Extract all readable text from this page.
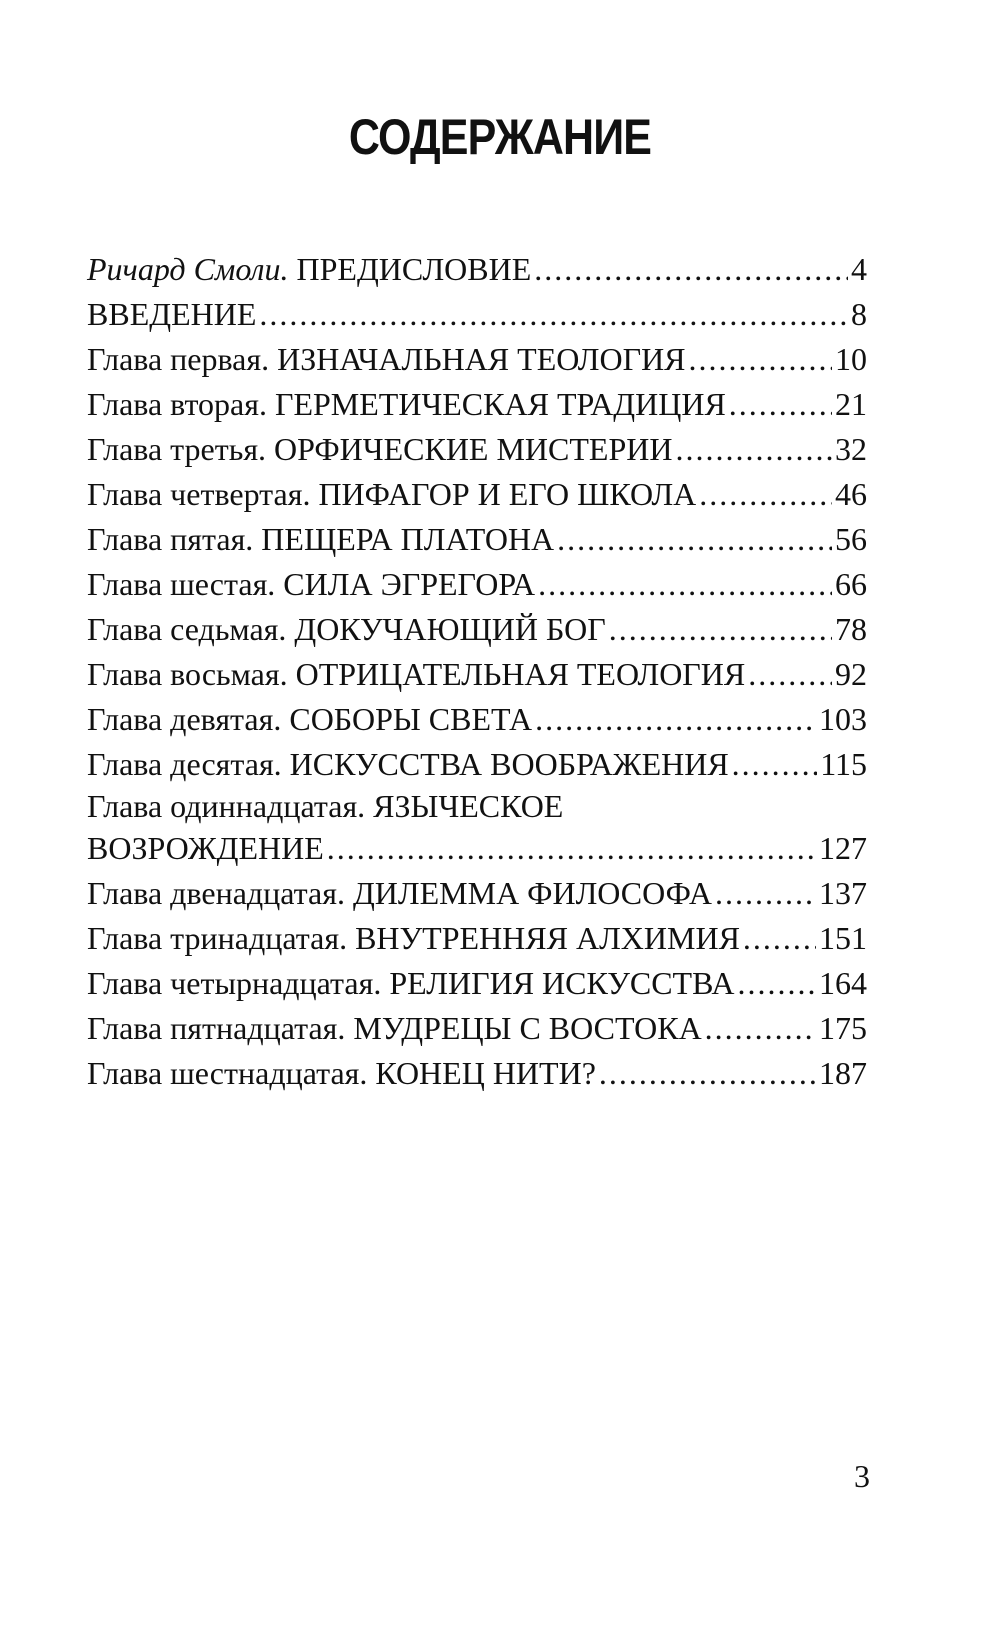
СОДЕРЖАНИЕ
Ричард Смоли. ПРЕДИСЛОВИЕ . . .	4
ВВЕДЕНИЕ . . .	8
Глава первая. ИЗНАЧАЛЬНАЯ ТЕОЛОГИЯ . . .	10
Глава вторая. ГЕРМЕТИЧЕСКАЯ ТРАДИЦИЯ . . .	21
Глава третья. ОРФИЧЕСКИЕ МИСТЕРИИ . . .	32
Глава четвертая. ПИФАГОР И ЕГО ШКОЛА . . .	46
Глава пятая. ПЕЩЕРА ПЛАТОНА . . .	56
Глава шестая. СИЛА ЭГРЕГОРА . . .	66
Глава седьмая. ДОКУЧАЮЩИЙ БОГ . . .	78
Глава восьмая. ОТРИЦАТЕЛЬНАЯ ТЕОЛОГИЯ . . .	92
Глава девятая. СОБОРЫ СВЕТА . . .	103
Глава десятая. ИСКУССТВА ВООБРАЖЕНИЯ . . .	115
Глава одиннадцатая. ЯЗЫЧЕСКОЕ
ВОЗРОЖДЕНИЕ . . .	127
Глава двенадцатая. ДИЛЕММА ФИЛОСОФА . . .	137
Глава тринадцатая. ВНУТРЕННЯЯ АЛХИМИЯ . . . 151
Глава четырнадцатая. РЕЛИГИЯ ИСКУССТВА . . .	164
Глава пятнадцатая. МУДРЕЦЫ С ВОСТОКА . . .	175
Глава шестнадцатая. КОНЕЦ НИТИ? . . .	187
3
